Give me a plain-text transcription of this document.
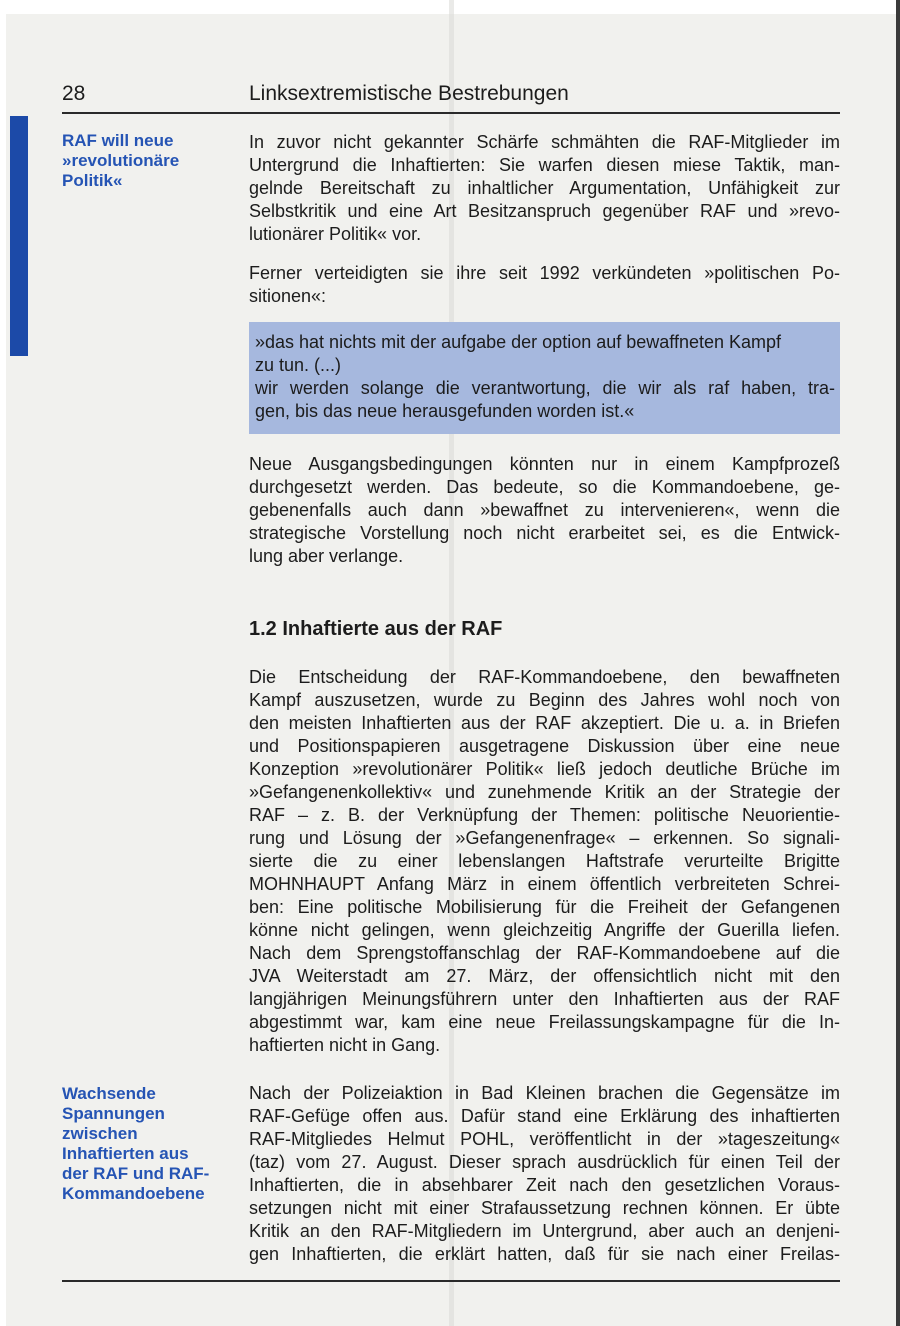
28	Linksextremistische Bestrebungen
RAF will neue
»revolutionäre
Politik«
Wachsende
Spannungen
zwischen
Inhaftierten aus
der RAF und RAF-
Kommandoebene
In zuvor nicht gekannter Schärfe schmähten die RAF-Mitglieder im
Untergrund die Inhaftierten: Sie warfen diesen miese Taktik, man-
gelnde Bereitschaft zu inhaltlicher Argumentation, Unfähigkeit zur
Selbstkritik und eine Art Besitzanspruch gegenüber RAF und »revo-
lutionärer Politik« vor.
Ferner verteidigten sie ihre seit 1992 verkündeten »politischen Po-
sitionen«:
»das hat nichts mit der aufgabe der option auf bewaffneten Kampf
zu tun. (...)
wir werden solange die verantwortung, die wir als raf haben, tra-
gen, bis das neue herausgefunden worden ist.«
Neue Ausgangsbedingungen könnten nur in einem Kampfprozeß
durchgesetzt werden. Das bedeute, so die Kommandoebene, ge-
gebenenfalls auch dann »bewaffnet zu intervenieren«, wenn die
strategische Vorstellung noch nicht erarbeitet sei, es die Entwick-
lung aber verlange.
1.2 Inhaftierte aus der RAF
Die Entscheidung der RAF-Kommandoebene, den bewaffneten
Kampf auszusetzen, wurde zu Beginn des Jahres wohl noch von
den meisten Inhaftierten aus der RAF akzeptiert. Die u. a. in Briefen
und Positionspapieren ausgetragene Diskussion über eine neue
Konzeption »revolutionärer Politik« ließ jedoch deutliche Brüche im
»Gefangenenkollektiv« und zunehmende Kritik an der Strategie der
RAF – z. B. der Verknüpfung der Themen: politische Neuorientie-
rung und Lösung der »Gefangenenfrage« – erkennen. So signali-
sierte die zu einer lebenslangen Haftstrafe verurteilte Brigitte
MOHNHAUPT Anfang März in einem öffentlich verbreiteten Schrei-
ben: Eine politische Mobilisierung für die Freiheit der Gefangenen
könne nicht gelingen, wenn gleichzeitig Angriffe der Guerilla liefen.
Nach dem Sprengstoffanschlag der RAF-Kommandoebene auf die
JVA Weiterstadt am 27. März, der offensichtlich nicht mit den
langjährigen Meinungsführern unter den Inhaftierten aus der RAF
abgestimmt war, kam eine neue Freilassungskampagne für die In-
haftierten nicht in Gang.
Nach der Polizeiaktion in Bad Kleinen brachen die Gegensätze im
RAF-Gefüge offen aus. Dafür stand eine Erklärung des inhaftierten
RAF-Mitgliedes Helmut POHL, veröffentlicht in der »tageszeitung«
(taz) vom 27. August. Dieser sprach ausdrücklich für einen Teil der
Inhaftierten, die in absehbarer Zeit nach den gesetzlichen Voraus-
setzungen nicht mit einer Strafaussetzung rechnen können. Er übte
Kritik an den RAF-Mitgliedern im Untergrund, aber auch an denjeni-
gen Inhaftierten, die erklärt hatten, daß für sie nach einer Freilas-
